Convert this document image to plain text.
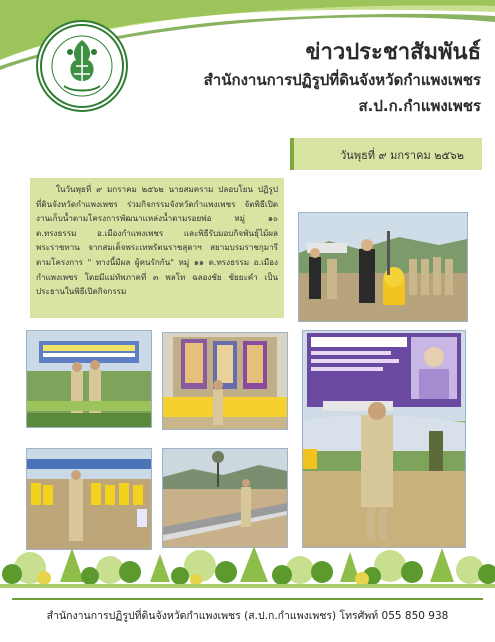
ข่าวประชาสัมพันธ์
สำนักงานการปฏิรูปที่ดินจังหวัดกำแพงเพชร
ส.ป.ก.กำแพงเพชร
วันพุธที่ ๙ มกราคม ๒๕๖๒

ในวันพุธที่ ๙ มกราคม ๒๕๖๒ นายสมคราม ปลอบโยน ปฏิรูปที่ดินจังหวัดกำแพงเพชร ร่วมกิจกรรมจังหวัดกำแพงเพชร จัดพิธีเปิดงานเก็บน้ำตามโครงการพัฒนาแหล่งน้ำตามรอยพ่อ หมู่ ๑๐ ต.ทรงธรรม อ.เมืองกำแพงเพชร และพิธีรับมอบกิจพันธุ์ไม้ผล พระราชทาน จากสมเด็จพระเทพรัตนราชสุดาฯ สยามบรมราชกุมารีตามโครงการ " ทางนี้มีผล ผู้คนรักกัน" หมู่ ๑๑ ต.ทรงธรรม อ.เมืองกำแพงเพชร โดยมีแม่ทัพภาคที่ ๓ พลโท ฉลองชัย ชัยยะคำ เป็นประธานในพิธีเปิดกิจกรรม

สำนักงานการปฏิรูปที่ดินจังหวัดกำแพงเพชร (ส.ป.ก.กำแพงเพชร) โทรศัพท์ 055 850 938
